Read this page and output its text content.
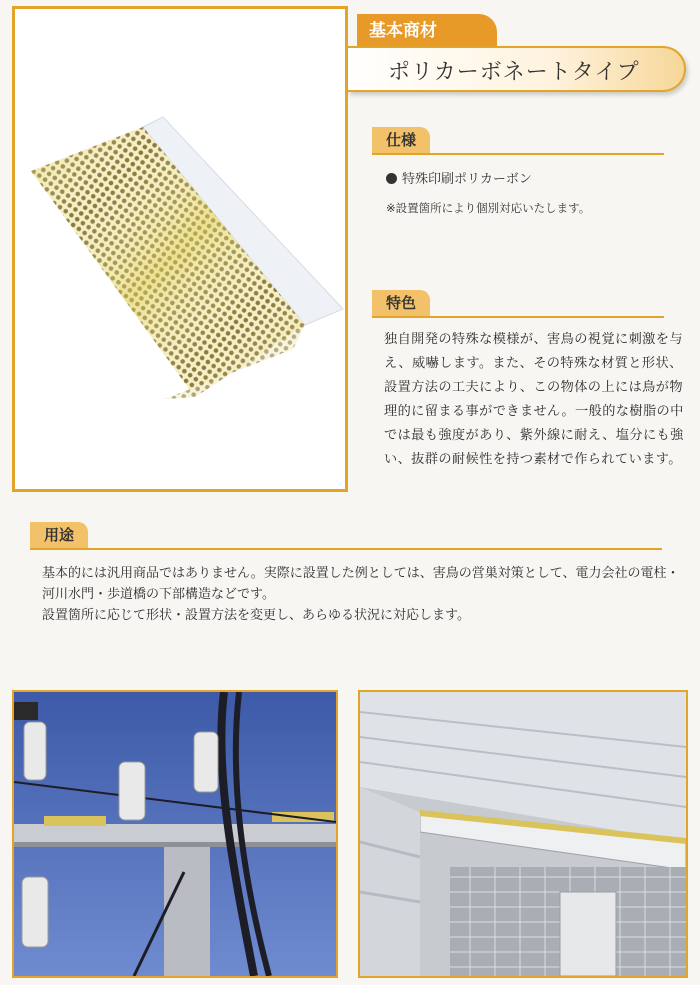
基本商材
ポリカーボネートタイプ
仕様
特殊印刷ポリカーボン
※設置箇所により個別対応いたします。
特色

独自開発の特殊な模様が、害鳥の視覚に刺激を与え、威嚇します。また、その特殊な材質と形状、設置方法の工夫により、この物体の上には鳥が物理的に留まる事ができません。一般的な樹脂の中では最も強度があり、紫外線に耐え、塩分にも強い、抜群の耐候性を持つ素材で作られています。

用途

基本的には汎用商品ではありません。実際に設置した例としては、害鳥の営巣対策として、電力会社の電柱・河川水門・歩道橋の下部構造などです。

設置箇所に応じて形状・設置方法を変更し、あらゆる状況に対応します。
